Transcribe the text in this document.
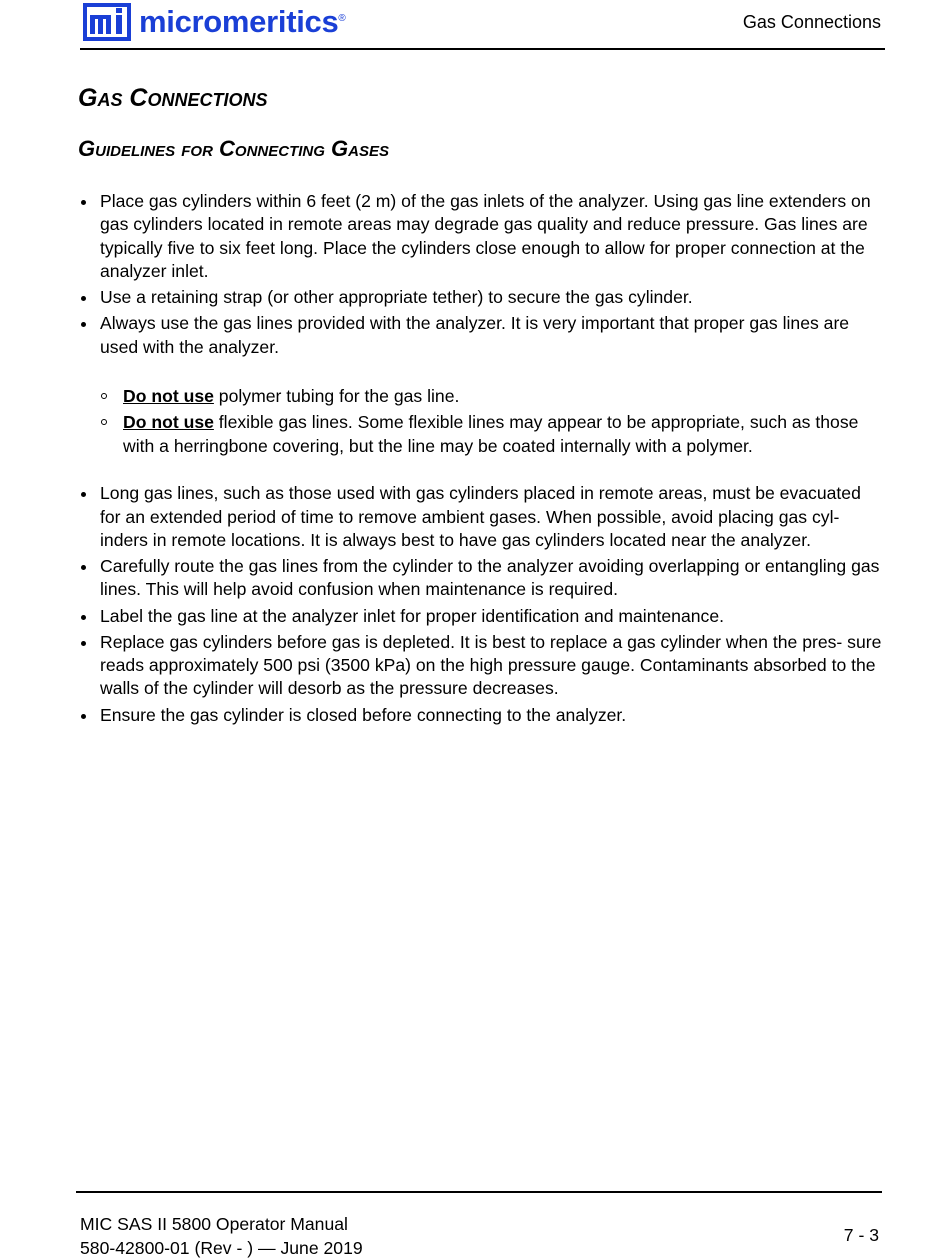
micromeritics ®	Gas Connections
Gas Connections
Guidelines for Connecting Gases
Place gas cylinders within 6 feet (2 m) of the gas inlets of the analyzer. Using gas line extenders on gas cylinders located in remote areas may degrade gas quality and reduce pressure. Gas lines are typically five to six feet long. Place the cylinders close enough to allow for proper connection at the analyzer inlet.
Use a retaining strap (or other appropriate tether) to secure the gas cylinder.
Always use the gas lines provided with the analyzer. It is very important that proper gas lines are used with the analyzer.
Do not use polymer tubing for the gas line.
Do not use flexible gas lines. Some flexible lines may appear to be appropriate, such as those with a herringbone covering, but the line may be coated internally with a polymer.
Long gas lines, such as those used with gas cylinders placed in remote areas, must be evacuated for an extended period of time to remove ambient gases. When possible, avoid placing gas cyl- inders in remote locations. It is always best to have gas cylinders located near the analyzer.
Carefully route the gas lines from the cylinder to the analyzer avoiding overlapping or entangling gas lines. This will help avoid confusion when maintenance is required.
Label the gas line at the analyzer inlet for proper identification and maintenance.
Replace gas cylinders before gas is depleted. It is best to replace a gas cylinder when the pres- sure reads approximately 500 psi (3500 kPa) on the high pressure gauge. Contaminants absorbed to the walls of the cylinder will desorb as the pressure decreases.
Ensure the gas cylinder is closed before connecting to the analyzer.
MIC SAS II 5800 Operator Manual
580-42800-01 (Rev - ) — June 2019
7 - 3
